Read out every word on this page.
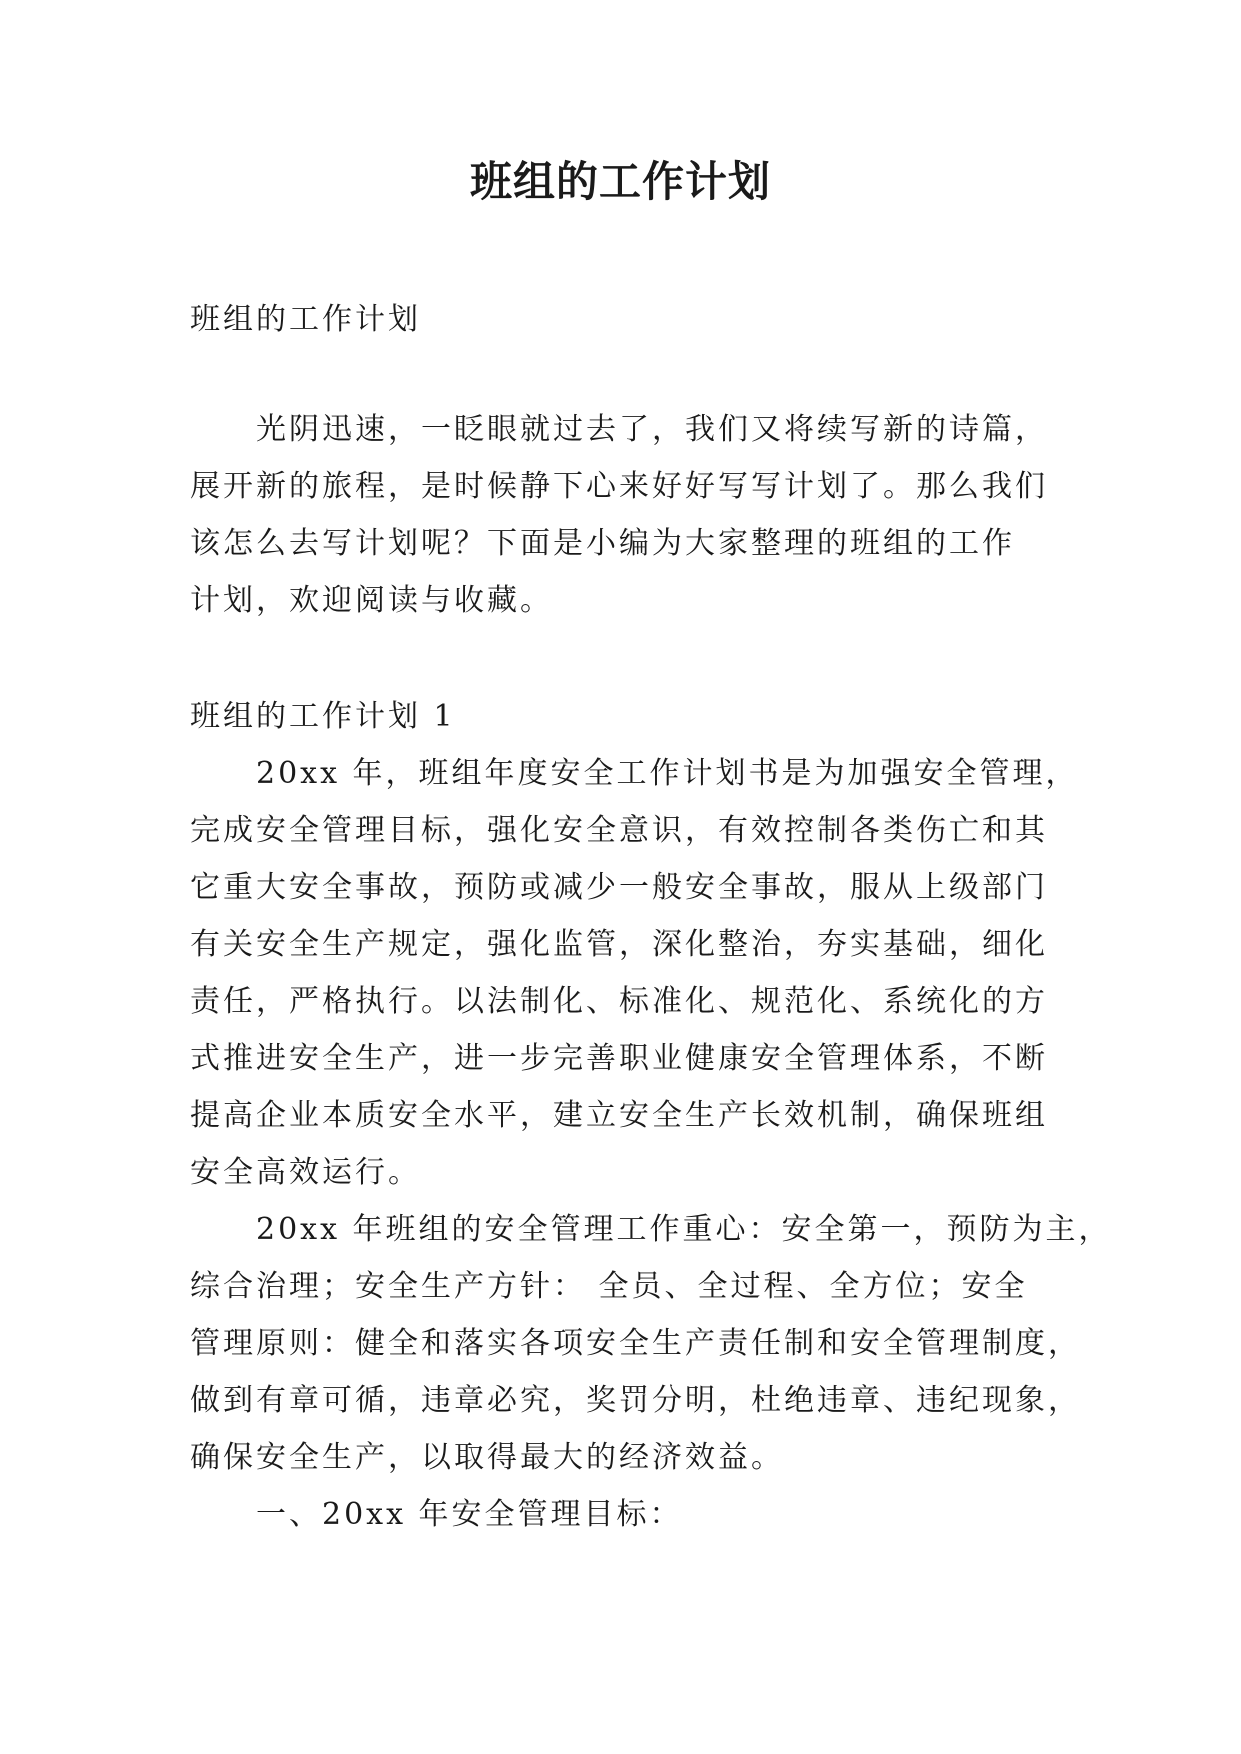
班组的工作计划

班组的工作计划

光阴迅速，一眨眼就过去了，我们又将续写新的诗篇，

展开新的旅程，是时候静下心来好好写写计划了。那么我们

该怎么去写计划呢？下面是小编为大家整理的班组的工作

计划，欢迎阅读与收藏。

班组的工作计划 1

20xx 年，班组年度安全工作计划书是为加强安全管理，

完成安全管理目标，强化安全意识，有效控制各类伤亡和其

它重大安全事故，预防或减少一般安全事故，服从上级部门

有关安全生产规定，强化监管，深化整治，夯实基础，细化

责任，严格执行。以法制化、标准化、规范化、系统化的方

式推进安全生产，进一步完善职业健康安全管理体系，不断

提高企业本质安全水平，建立安全生产长效机制，确保班组

安全高效运行。

20xx 年班组的安全管理工作重心：安全第一，预防为主，

综合治理；安全生产方针： 全员、全过程、全方位；安全

管理原则：健全和落实各项安全生产责任制和安全管理制度，

做到有章可循，违章必究，奖罚分明，杜绝违章、违纪现象，

确保安全生产，以取得最大的经济效益。

一、20xx 年安全管理目标：
